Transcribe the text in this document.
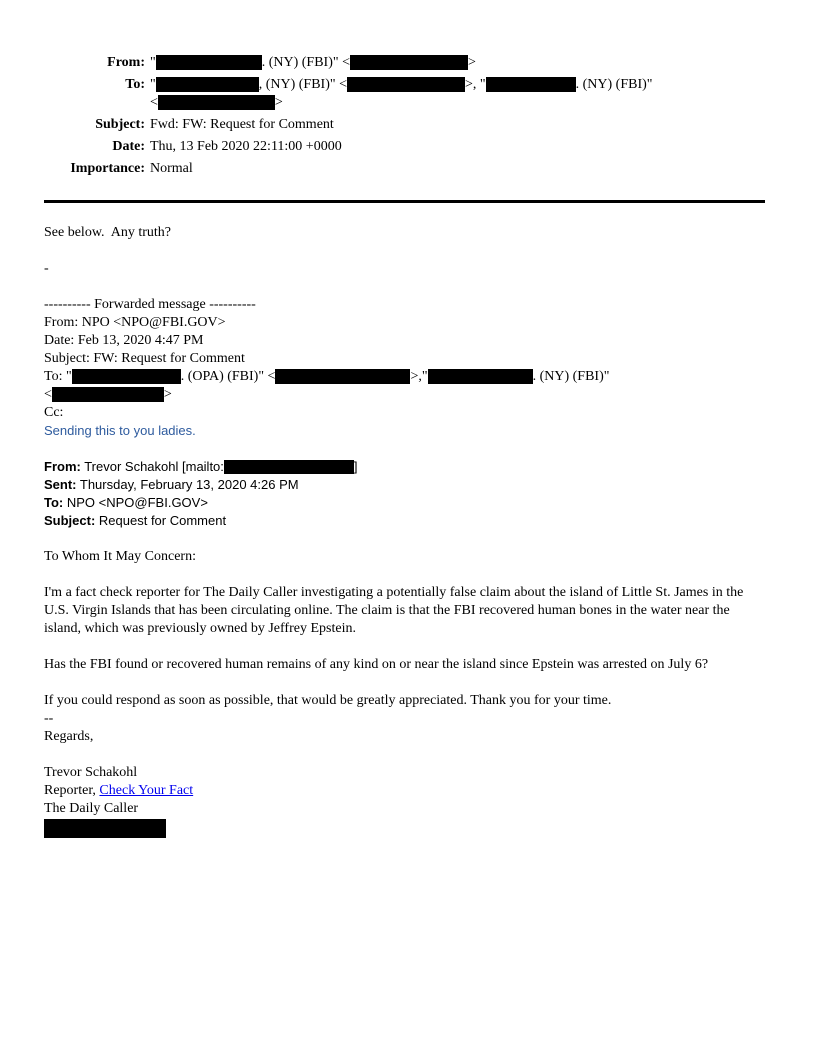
From: "	. (NY) (FBI)" <	>
To: "	, (NY) (FBI)" <	>, "	. (NY) (FBI)"
<	>
Subject: Fwd: FW: Request for Comment
Date: Thu, 13 Feb 2020 22:11:00 +0000
Importance: Normal
See below.  Any truth?
-
---------- Forwarded message ----------
From: NPO <NPO@FBI.GOV>
Date: Feb 13, 2020 4:47 PM
Subject: FW: Request for Comment
To: "	. (OPA) (FBI)" <	>,"	. (NY) (FBI)"
<	>
Cc:
Sending this to you ladies.
From: Trevor Schakohl [mailto:	]
Sent: Thursday, February 13, 2020 4:26 PM
To: NPO <NPO@FBI.GOV>
Subject: Request for Comment
To Whom It May Concern:
I'm a fact check reporter for The Daily Caller investigating a potentially false claim about the island of Little St. James in the U.S. Virgin Islands that has been circulating online. The claim is that the FBI recovered human bones in the water near the island, which was previously owned by Jeffrey Epstein.
Has the FBI found or recovered human remains of any kind on or near the island since Epstein was arrested on July 6?
If you could respond as soon as possible, that would be greatly appreciated. Thank you for your time.
--
Regards,
Trevor Schakohl
Reporter, Check Your Fact
The Daily Caller
